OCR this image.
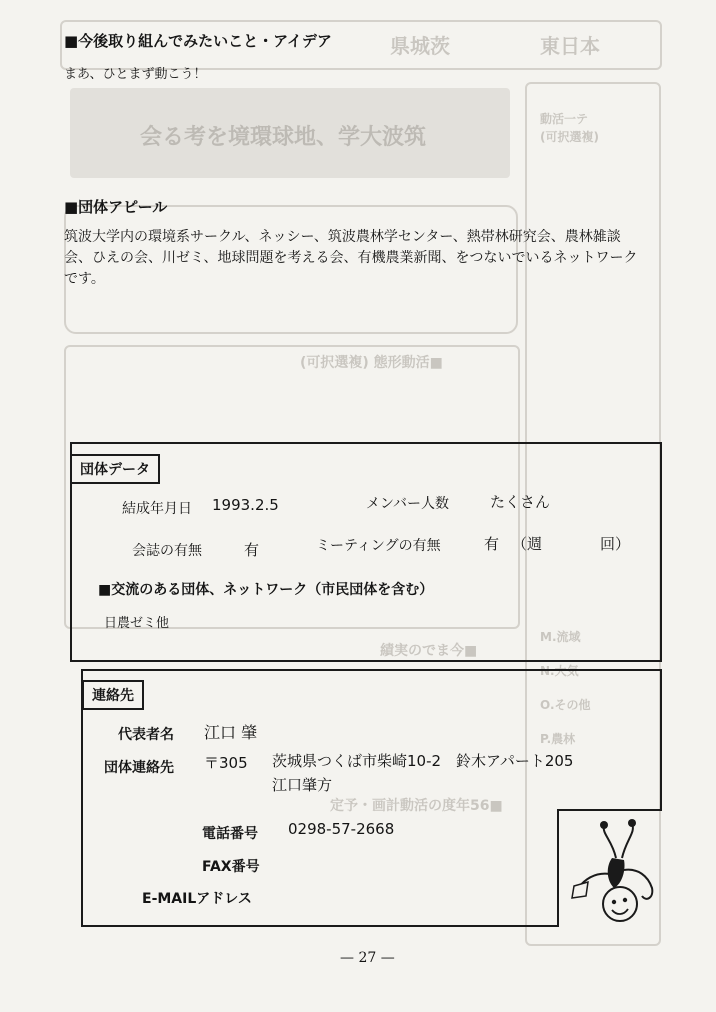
県城茨	東日本
会る考を境環球地、学大波筑
動活一テ
(可択選複)
(可択選複) 態形動活■
績実のでま今■
定予・画計動活の度年56■
M.流域
N.大気
O.その他
P.農林
■今後取り組んでみたいこと・アイデア
まあ、ひとまず動こう！
■団体アピール
筑波大学内の環境系サークル、ネッシー、筑波農林学センター、熱帯林研究会、農林雑談会、ひえの会、川ゼミ、地球問題を考える会、有機農業新聞、をつないでいるネットワークです。
団体データ
結成年月日 1993.2.5	メンバー人数	たくさん
会誌の有無	有	ミーティングの有無	有 （週	回）
■交流のある団体、ネットワーク（市民団体を含む）
日農ゼミ他
連絡先
代表者名 江口 肇
団体連絡先 〒305 茨城県つくば市柴崎10-2　鈴木アパート205
江口肇方
電話番号 0298-57-2668
FAX番号
E-MAILアドレス
— 27 —
